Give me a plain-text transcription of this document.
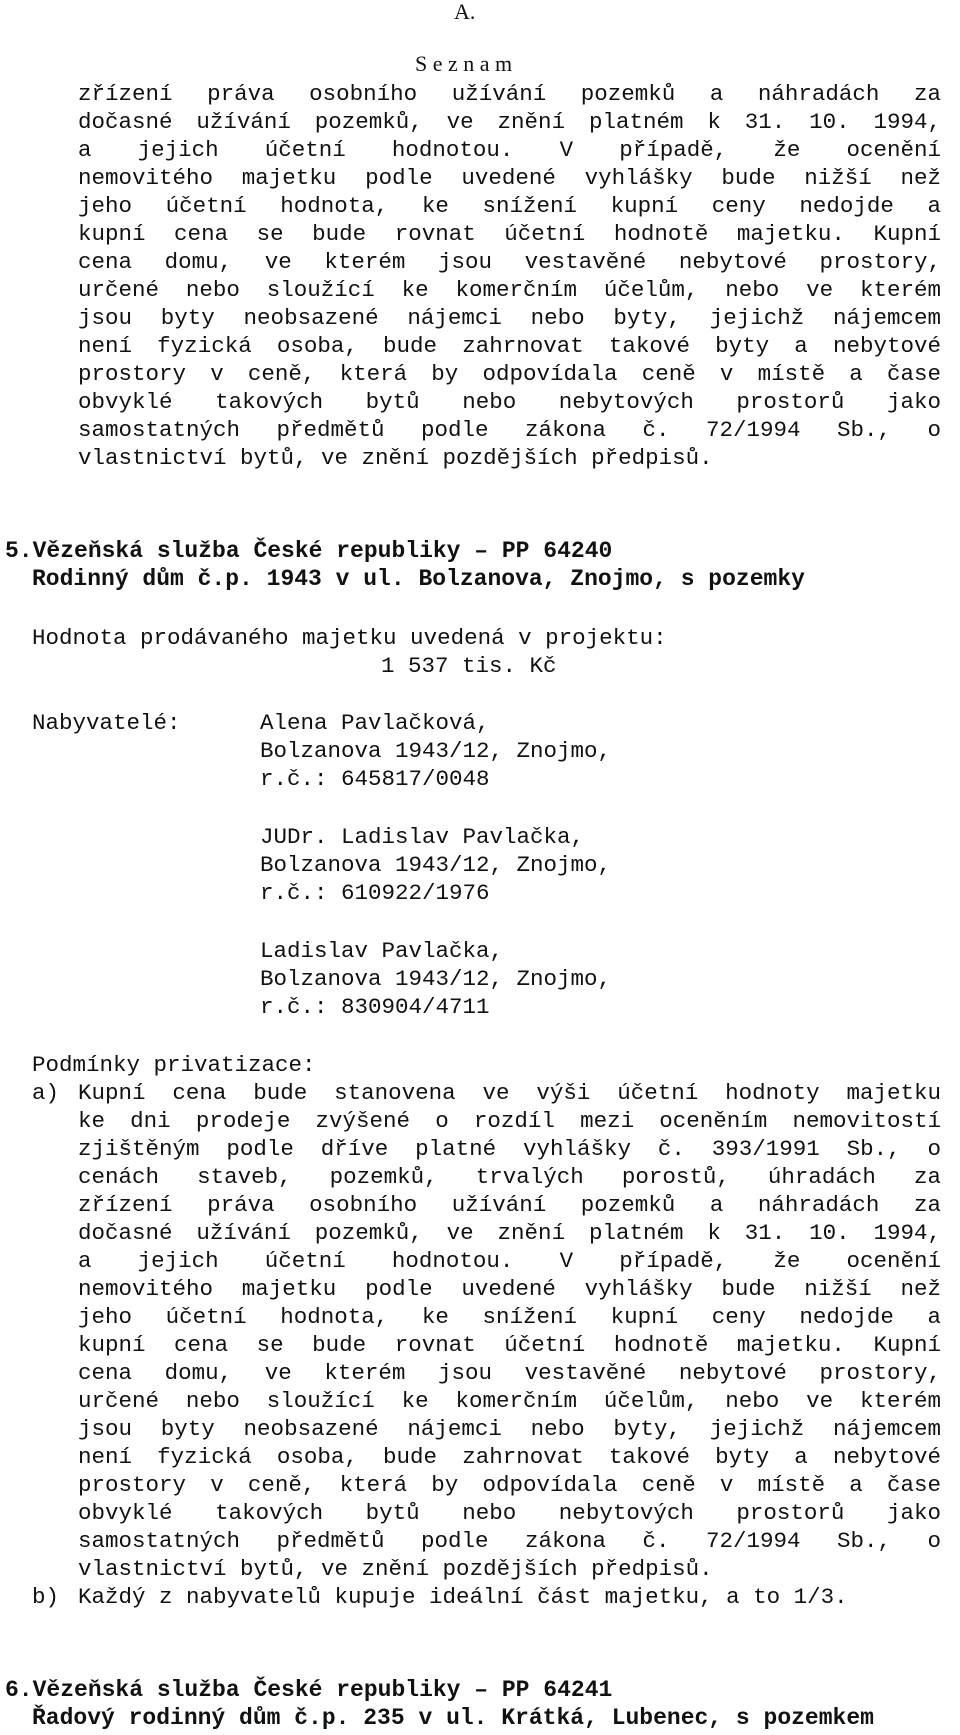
A.
S e z n a m
zřízení práva osobního užívání pozemků a náhradách za
dočasné užívání pozemků, ve znění platném k 31. 10. 1994,
a jejich účetní hodnotou. V případě, že ocenění
nemovitého majetku podle uvedené vyhlášky bude nižší než
jeho účetní hodnota, ke snížení kupní ceny nedojde a
kupní cena se bude rovnat účetní hodnotě majetku. Kupní
cena domu, ve kterém jsou vestavěné nebytové prostory,
určené nebo sloužící ke komerčním účelům, nebo ve kterém
jsou byty neobsazené nájemci nebo byty, jejichž nájemcem
není fyzická osoba, bude zahrnovat takové byty a nebytové
prostory v ceně, která by odpovídala ceně v místě a čase
obvyklé takových bytů nebo nebytových prostorů jako
samostatných předmětů podle zákona č. 72/1994 Sb., o
vlastnictví bytů, ve znění pozdějších předpisů.
5.Vězeňská služba České republiky – PP 64240
Rodinný dům č.p. 1943 v ul. Bolzanova, Znojmo, s pozemky
Hodnota prodávaného majetku uvedená v projektu:
1 537 tis. Kč
Nabyvatelé:	Alena Pavlačková,
Bolzanova 1943/12, Znojmo,
r.č.: 645817/0048
JUDr. Ladislav Pavlačka,
Bolzanova 1943/12, Znojmo,
r.č.: 610922/1976
Ladislav Pavlačka,
Bolzanova 1943/12, Znojmo,
r.č.: 830904/4711
Podmínky privatizace:
a) Kupní cena bude stanovena ve výši účetní hodnoty majetku
ke dni prodeje zvýšené o rozdíl mezi oceněním nemovitostí
zjištěným podle dříve platné vyhlášky č. 393/1991 Sb., o
cenách staveb, pozemků, trvalých porostů, úhradách za
zřízení práva osobního užívání pozemků a náhradách za
dočasné užívání pozemků, ve znění platném k 31. 10. 1994,
a jejich účetní hodnotou. V případě, že ocenění
nemovitého majetku podle uvedené vyhlášky bude nižší než
jeho účetní hodnota, ke snížení kupní ceny nedojde a
kupní cena se bude rovnat účetní hodnotě majetku. Kupní
cena domu, ve kterém jsou vestavěné nebytové prostory,
určené nebo sloužící ke komerčním účelům, nebo ve kterém
jsou byty neobsazené nájemci nebo byty, jejichž nájemcem
není fyzická osoba, bude zahrnovat takové byty a nebytové
prostory v ceně, která by odpovídala ceně v místě a čase
obvyklé takových bytů nebo nebytových prostorů jako
samostatných předmětů podle zákona č. 72/1994 Sb., o
vlastnictví bytů, ve znění pozdějších předpisů.
b) Každý z nabyvatelů kupuje ideální část majetku, a to 1/3.
6.Vězeňská služba České republiky – PP 64241
Řadový rodinný dům č.p. 235 v ul. Krátká, Lubenec, s pozemkem
